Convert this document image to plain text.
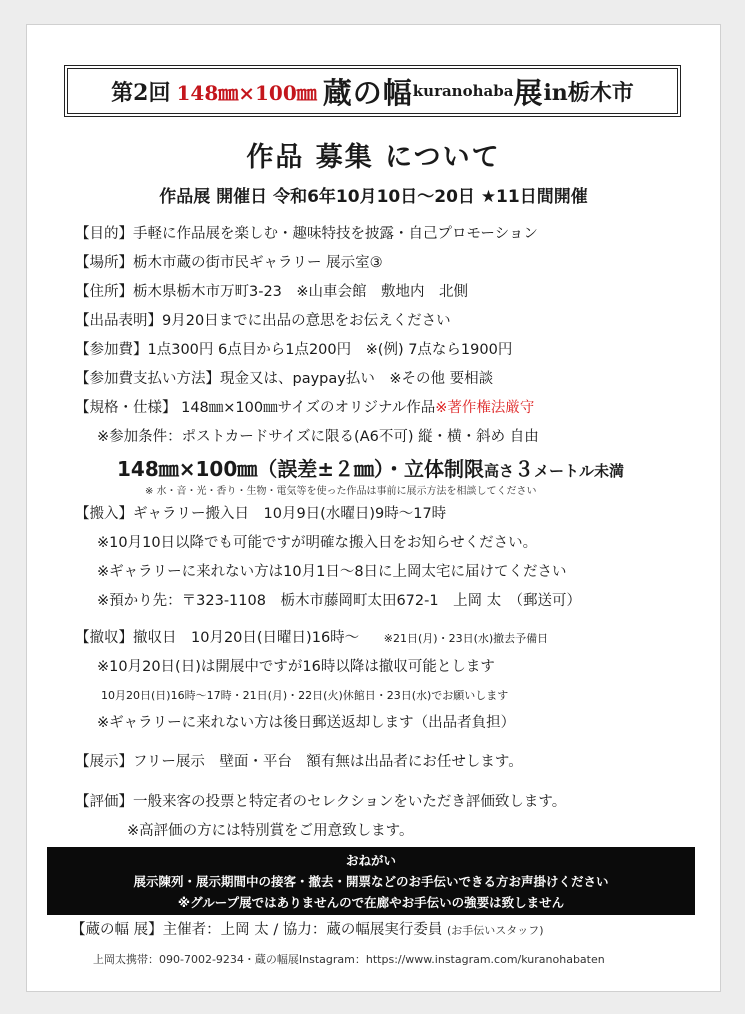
第2回 148㎜×100㎜ 蔵の幅 kuranohaba 展 in栃木市
作品 募集 について
作品展 開催日 令和6年10月10日～20日 ★11日間開催
【目的】手軽に作品展を楽しむ・趣味特技を披露・自己プロモーション
【場所】栃木市蔵の街市民ギャラリー 展示室③
【住所】栃木県栃木市万町3-23　※山車会館　敷地内　北側
【出品表明】9月20日までに出品の意思をお伝えください
【参加費】1点300円 6点目から1点200円　※(例) 7点なら1900円
【参加費支払い方法】現金又は、paypay払い　※その他 要相談
【規格・仕様】 148㎜×100㎜サイズのオリジナル作品※著作権法厳守
※参加条件：ポストカードサイズに限る(A6不可) 縦・横・斜め 自由
148㎜×100㎜（誤差±２㎜）・立体制限高さ３メートル未満
※ 水・音・光・香り・生物・電気等を使った作品は事前に展示方法を相談してください
【搬入】ギャラリー搬入日　10月9日(水曜日)9時～17時
※10月10日以降でも可能ですが明確な搬入日をお知らせください。
※ギャラリーに来れない方は10月1日～8日に上岡太宅に届けてください
※預かり先：〒323-1108　栃木市藤岡町太田672-1　上岡 太　（郵送可）
【撤収】撤収日　10月20日(日曜日)16時～ ※21日(月)・23日(水)撤去予備日
※10月20日(日)は開展中ですが16時以降は撤収可能とします
10月20日(日)16時～17時・21日(月)・22日(火)休館日・23日(水)でお願いします
※ギャラリーに来れない方は後日郵送返却します（出品者負担）
【展示】フリー展示　壁面・平台　額有無は出品者にお任せします。
【評価】一般来客の投票と特定者のセレクションをいただき評価致します。
※高評価の方には特別賞をご用意致します。
おねがい
展示陳列・展示期間中の接客・撤去・開票などのお手伝いできる方お声掛けください
※グループ展ではありませんので在廊やお手伝いの強要は致しません
【蔵の幅 展】主催者：上岡 太 / 協力：蔵の幅展実行委員 (お手伝いスタッフ)
上岡太携帯：090-7002-9234・蔵の幅展Instagram：https://www.instagram.com/kuranohabaten
